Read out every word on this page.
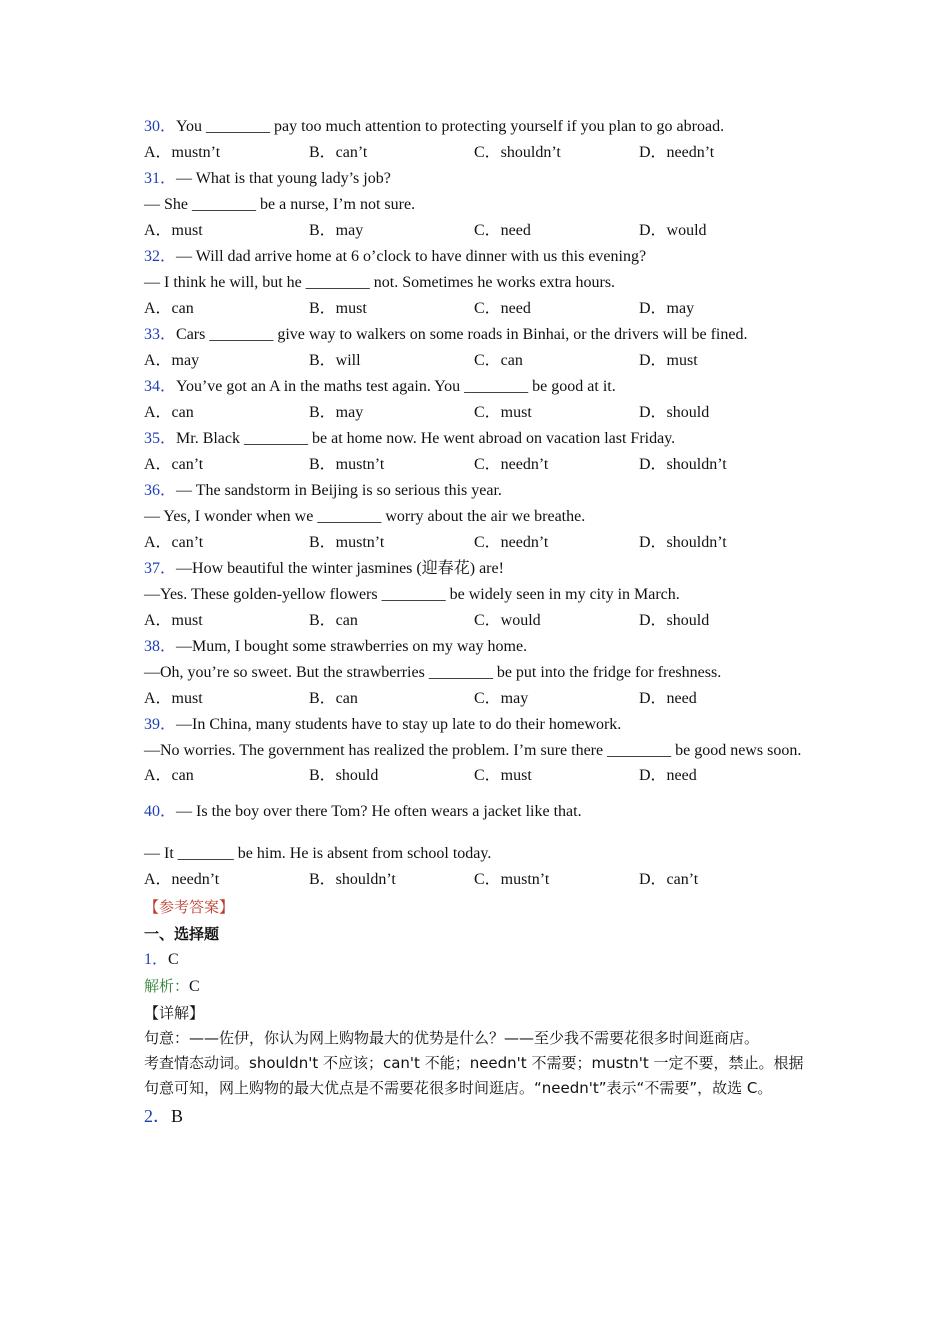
30．You ________ pay too much attention to protecting yourself if you plan to go abroad.
A．mustn’t	B．can’t	C．shouldn’t	D．needn’t
31．— What is that young lady’s job?
— She ________ be a nurse, I’m not sure.
A．must	B．may	C．need	D．would
32．— Will dad arrive home at 6 o’clock to have dinner with us this evening?
— I think he will, but he ________ not. Sometimes he works extra hours.
A．can	B．must	C．need	D．may
33．Cars ________ give way to walkers on some roads in Binhai, or the drivers will be fined.
A．may	B．will	C．can	D．must
34．You’ve got an A in the maths test again. You ________ be good at it.
A．can	B．may	C．must	D．should
35．Mr. Black ________ be at home now. He went abroad on vacation last Friday.
A．can’t	B．mustn’t	C．needn’t	D．shouldn’t
36．— The sandstorm in Beijing is so serious this year.
— Yes, I wonder when we ________ worry about the air we breathe.
A．can’t	B．mustn’t	C．needn’t	D．shouldn’t
37．—How beautiful the winter jasmines (迎春花) are!
—Yes. These golden-yellow flowers ________ be widely seen in my city in March.
A．must	B．can	C．would	D．should
38．—Mum, I bought some strawberries on my way home.
—Oh, you’re so sweet. But the strawberries ________ be put into the fridge for freshness.
A．must	B．can	C．may	D．need
39．—In China, many students have to stay up late to do their homework.
—No worries. The government has realized the problem. I’m sure there ________ be good news soon.
A．can	B．should	C．must	D．need
40．— Is the boy over there Tom? He often wears a jacket like that.
— It _______ be him. He is absent from school today.
A．needn’t	B．shouldn’t	C．mustn’t	D．can’t
【参考答案】
一、选择题
1．C
解析：C
【详解】
句意：——佐伊，你认为网上购物最大的优势是什么？——至少我不需要花很多时间逛商店。
考查情态动词。shouldn't 不应该；can't 不能；needn't 不需要；mustn't 一定不要，禁止。根据句意可知，网上购物的最大优点是不需要花很多时间逛店。“needn't”表示“不需要”，故选 C。
2．B
